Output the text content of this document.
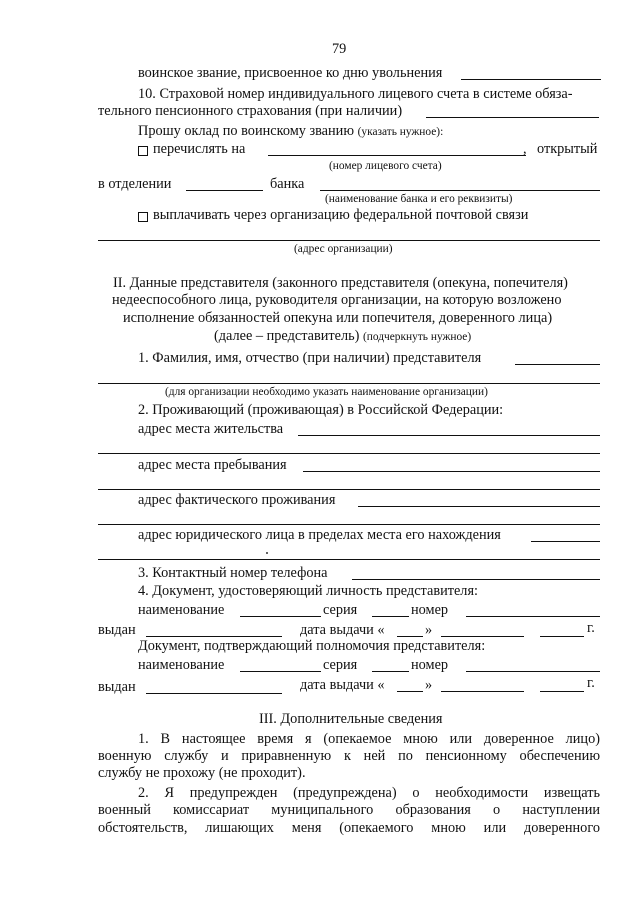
79
воинское звание, присвоенное ко дню увольнения
10. Страховой номер индивидуального лицевого счета в системе обяза-
тельного пенсионного страхования (при наличии)
Прошу оклад по воинскому званию (указать нужное):
перечислять на	, открытый
(номер лицевого счета)
в отделении	банка
(наименование банка и его реквизиты)
выплачивать через организацию федеральной почтовой связи
(адрес организации)
II. Данные представителя (законного представителя (опекуна, попечителя)
недееспособного лица, руководителя организации, на которую возложено
исполнение обязанностей опекуна или попечителя, доверенного лица)
(далее – представитель) (подчеркнуть нужное)
1. Фамилия, имя, отчество (при наличии) представителя
(для организации необходимо указать наименование организации)
2. Проживающий (проживающая) в Российской Федерации:
адрес места жительства
адрес места пребывания
адрес фактического проживания
адрес юридического лица в пределах места его нахождения
3. Контактный номер телефона
4. Документ, удостоверяющий личность представителя:
наименование	серия	номер
выдан	дата выдачи «	»	г.
Документ, подтверждающий полномочия представителя:
наименование	серия	номер
выдан	дата выдачи «	»	г.
III. Дополнительные сведения
1. В настоящее время я (опекаемое мною или доверенное лицо)
военную службу и приравненную к ней по пенсионному обеспечению
службу не прохожу (не проходит).
2. Я предупрежден (предупреждена) о необходимости извещать
военный комиссариат муниципального образования о наступлении
обстоятельств, лишающих меня (опекаемого мною или доверенного
